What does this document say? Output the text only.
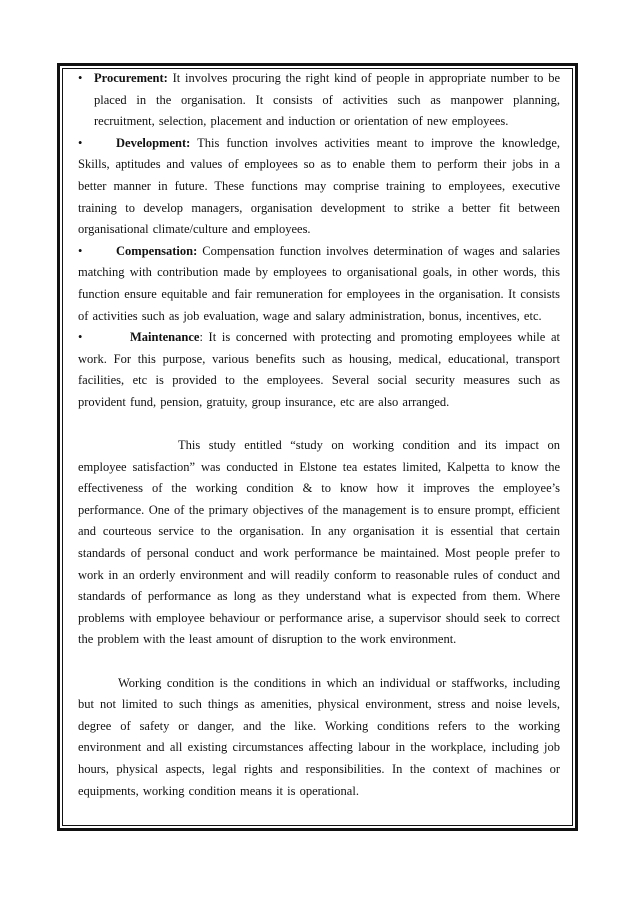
• Procurement: It involves procuring the right kind of people in appropriate number to be placed in the organisation. It consists of activities such as manpower planning, recruitment, selection, placement and induction or orientation of new employees.

•	Development: This function involves activities meant to improve the knowledge, Skills, aptitudes and values of employees so as to enable them to perform their jobs in a better manner in future. These functions may comprise training to employees, executive training to develop managers, organisation development to strike a better fit between organisational climate/culture and employees.

•	Compensation: Compensation function involves determination of wages and salaries matching with contribution made by employees to organisational goals, in other words, this function ensure equitable and fair remuneration for employees in the organisation. It consists of activities such as job evaluation, wage and salary administration, bonus, incentives, etc.

•	Maintenance: It is concerned with protecting and promoting employees while at work. For this purpose, various benefits such as housing, medical, educational, transport facilities, etc is provided to the employees. Several social security measures such as provident fund, pension, gratuity, group insurance, etc are also arranged.

This study entitled “study on working condition and its impact on employee satisfaction” was conducted in Elstone tea estates limited, Kalpetta to know the effectiveness of the working condition & to know how it improves the employee’s performance. One of the primary objectives of the management is to ensure prompt, efficient and courteous service to the organisation. In any organisation it is essential that certain standards of personal conduct and work performance be maintained. Most people prefer to work in an orderly environment and will readily conform to reasonable rules of conduct and standards of performance as long as they understand what is expected from them. Where problems with employee behaviour or performance arise, a supervisor should seek to correct the problem with the least amount of disruption to the work environment.

Working condition is the conditions in which an individual or staffworks, including but not limited to such things as amenities, physical environment, stress and noise levels, degree of safety or danger, and the like. Working conditions refers to the working environment and all existing circumstances affecting labour in the workplace, including job hours, physical aspects, legal rights and responsibilities. In the context of machines or equipments, working condition means it is operational.
